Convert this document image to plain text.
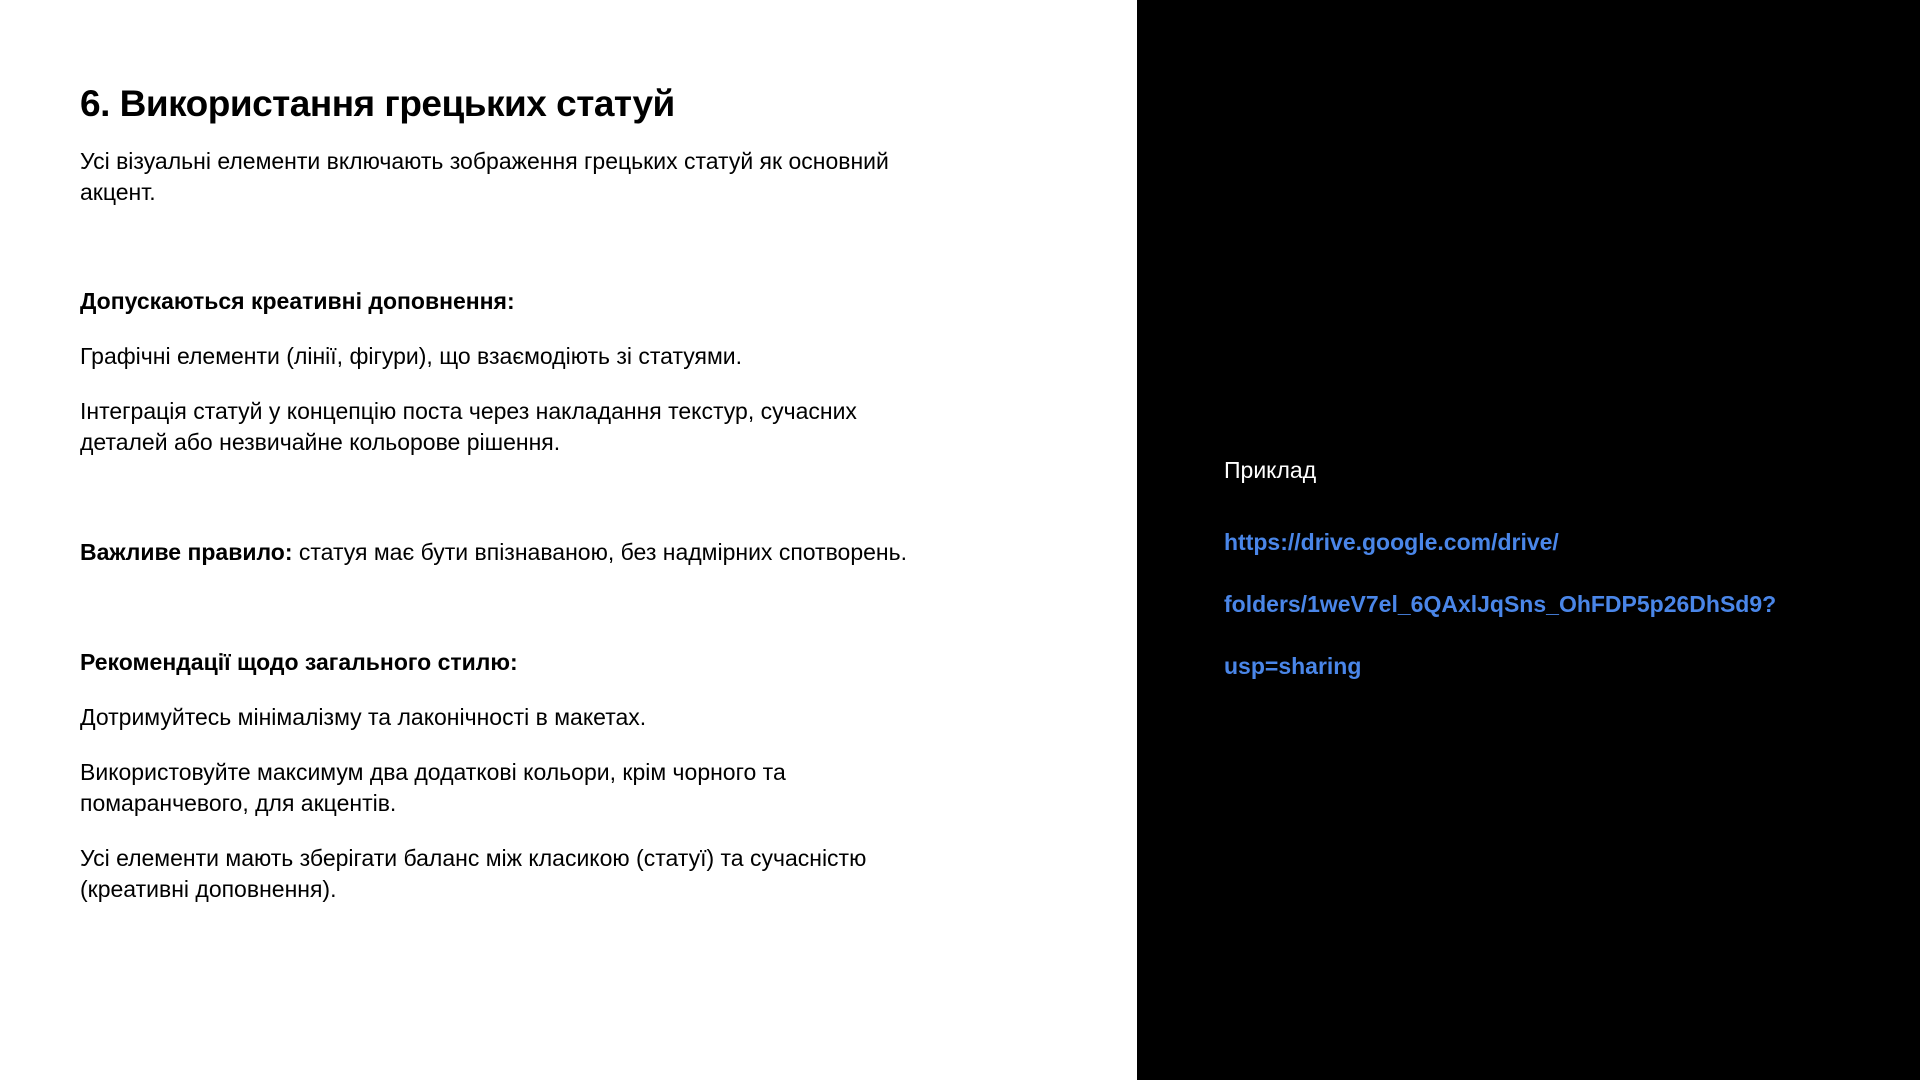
6. Використання грецьких статуй

Усі візуальні елементи включають зображення грецьких статуй як основний
акцент.

Допускаються креативні доповнення:

Графічні елементи (лінії, фігури), що взаємодіють зі статуями.

Інтеграція статуй у концепцію поста через накладання текстур, сучасних
деталей або незвичайне кольорове рішення.

Важливе правило: статуя має бути впізнаваною, без надмірних спотворень.

Рекомендації щодо загального стилю:

Дотримуйтесь мінімалізму та лаконічності в макетах.

Використовуйте максимум два додаткові кольори, крім чорного та
помаранчевого, для акцентів.

Усі елементи мають зберігати баланс між класикою (статуї) та сучасністю
(креативні доповнення).

Приклад

https://drive.google.com/drive/

folders/1weV7el_6QAxlJqSns_OhFDP5p26DhSd9?

usp=sharing
